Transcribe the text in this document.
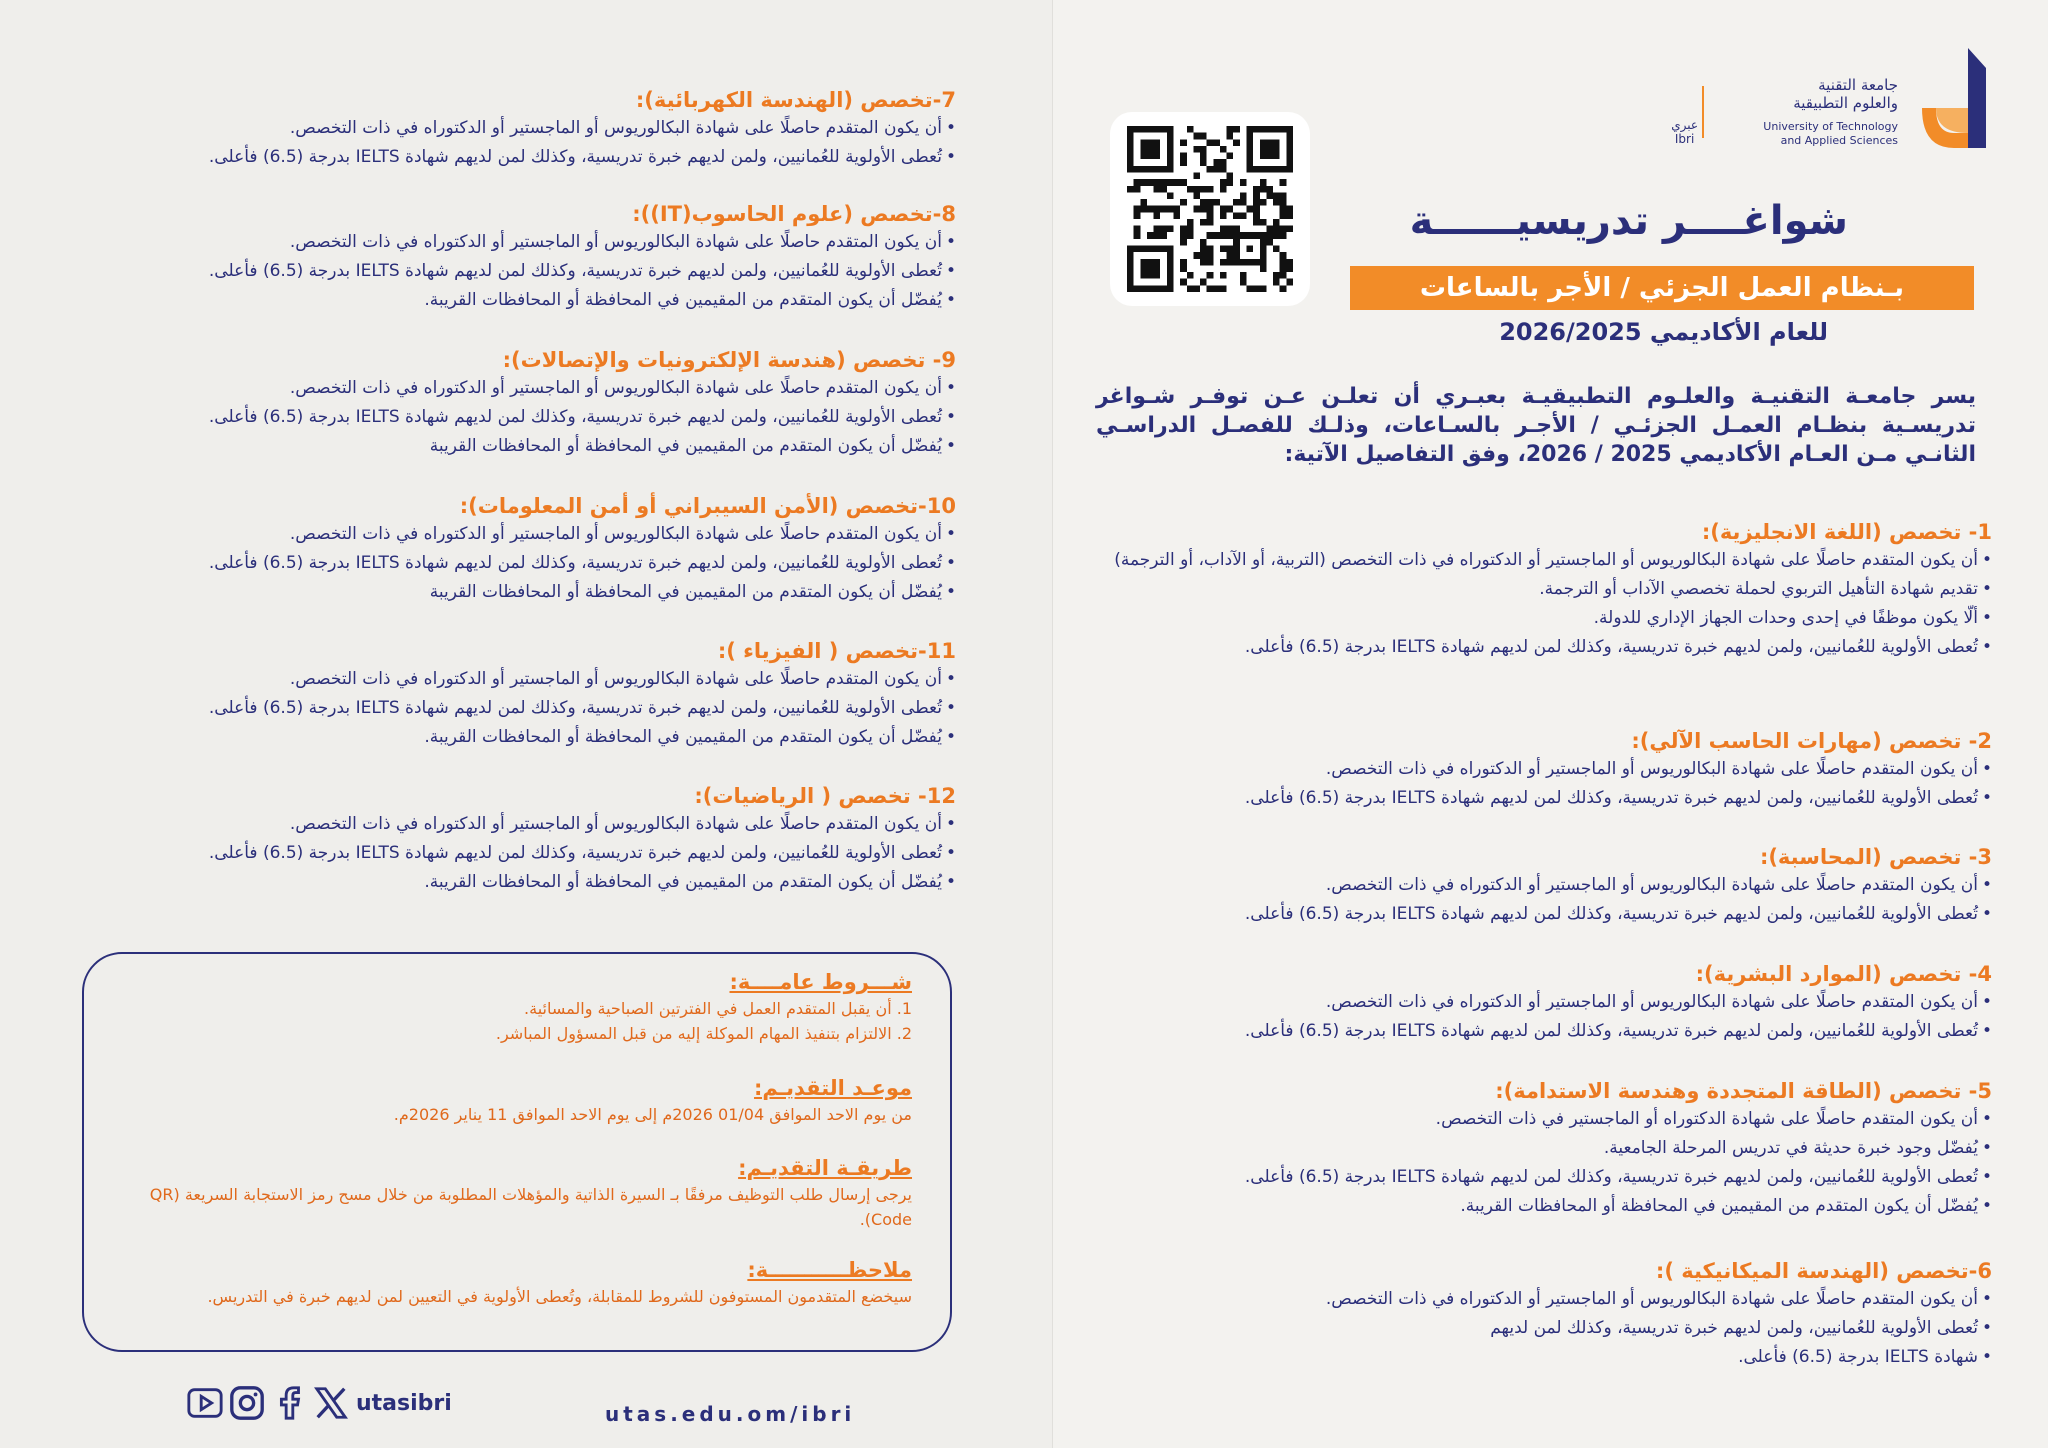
جامعة التقنية
والعلوم التطبيقية
University of Technology
and Applied Sciences
عبري
Ibri
شواغــــر تدريسيــــــة
بـنظام العمل الجزئي / الأجر بالساعات
للعام الأكاديمي 2026/2025
يسر جامعـة التقنيـة والعلـوم التطبيقيـة بعبـري أن تعلـن عـن توفـر شـواغر تدريسـية بنظـام العمـل الجزئـي / الأجـر بالسـاعات، وذلـك للفصـل الدراسـي الثانـي مـن العـام الأكاديمي 2025 / 2026، وفق التفاصيل الآتية:

1- تخصص (اللغة الانجليزية):

• أن يكون المتقدم حاصلًا على شهادة البكالوريوس أو الماجستير أو الدكتوراه في ذات التخصص (التربية، أو الآداب، أو الترجمة)
• تقديم شهادة التأهيل التربوي لحملة تخصصي الآداب أو الترجمة.
• ألّا يكون موظفًا في إحدى وحدات الجهاز الإداري للدولة.
• تُعطى الأولوية للعُمانيين، ولمن لديهم خبرة تدريسية، وكذلك لمن لديهم شهادة IELTS بدرجة (6.5) فأعلى.

2- تخصص (مهارات الحاسب الآلي):

• أن يكون المتقدم حاصلًا على شهادة البكالوريوس أو الماجستير أو الدكتوراه في ذات التخصص.
• تُعطى الأولوية للعُمانيين، ولمن لديهم خبرة تدريسية، وكذلك لمن لديهم شهادة IELTS بدرجة (6.5) فأعلى.

3- تخصص (المحاسبة):

• أن يكون المتقدم حاصلًا على شهادة البكالوريوس أو الماجستير أو الدكتوراه في ذات التخصص.
• تُعطى الأولوية للعُمانيين، ولمن لديهم خبرة تدريسية، وكذلك لمن لديهم شهادة IELTS بدرجة (6.5) فأعلى.

4- تخصص (الموارد البشرية):

• أن يكون المتقدم حاصلًا على شهادة البكالوريوس أو الماجستير أو الدكتوراه في ذات التخصص.
• تُعطى الأولوية للعُمانيين، ولمن لديهم خبرة تدريسية، وكذلك لمن لديهم شهادة IELTS بدرجة (6.5) فأعلى.

5- تخصص (الطاقة المتجددة وهندسة الاستدامة):

• أن يكون المتقدم حاصلًا على شهادة الدكتوراه أو الماجستير في ذات التخصص.
• يُفضّل وجود خبرة حديثة في تدريس المرحلة الجامعية.
• تُعطى الأولوية للعُمانيين، ولمن لديهم خبرة تدريسية، وكذلك لمن لديهم شهادة IELTS بدرجة (6.5) فأعلى.
• يُفضّل أن يكون المتقدم من المقيمين في المحافظة أو المحافظات القريبة.

6-تخصص (الهندسة الميكانيكية ):

• أن يكون المتقدم حاصلًا على شهادة البكالوريوس أو الماجستير أو الدكتوراه في ذات التخصص.
• تُعطى الأولوية للعُمانيين، ولمن لديهم خبرة تدريسية، وكذلك لمن لديهم
• شهادة IELTS بدرجة (6.5) فأعلى.

7-تخصص (الهندسة الكهربائية):

• أن يكون المتقدم حاصلًا على شهادة البكالوريوس أو الماجستير أو الدكتوراه في ذات التخصص.
• تُعطى الأولوية للعُمانيين، ولمن لديهم خبرة تدريسية، وكذلك لمن لديهم شهادة IELTS بدرجة (6.5) فأعلى.

8-تخصص (علوم الحاسوب(IT)):

• أن يكون المتقدم حاصلًا على شهادة البكالوريوس أو الماجستير أو الدكتوراه في ذات التخصص.
• تُعطى الأولوية للعُمانيين، ولمن لديهم خبرة تدريسية، وكذلك لمن لديهم شهادة IELTS بدرجة (6.5) فأعلى.
• يُفضّل أن يكون المتقدم من المقيمين في المحافظة أو المحافظات القريبة.

9- تخصص (هندسة الإلكترونيات والإتصالات):

• أن يكون المتقدم حاصلًا على شهادة البكالوريوس أو الماجستير أو الدكتوراه في ذات التخصص.
• تُعطى الأولوية للعُمانيين، ولمن لديهم خبرة تدريسية، وكذلك لمن لديهم شهادة IELTS بدرجة (6.5) فأعلى.
• يُفضّل أن يكون المتقدم من المقيمين في المحافظة أو المحافظات القريبة

10-تخصص (الأمن السيبراني أو أمن المعلومات):

• أن يكون المتقدم حاصلًا على شهادة البكالوريوس أو الماجستير أو الدكتوراه في ذات التخصص.
• تُعطى الأولوية للعُمانيين، ولمن لديهم خبرة تدريسية، وكذلك لمن لديهم شهادة IELTS بدرجة (6.5) فأعلى.
• يُفضّل أن يكون المتقدم من المقيمين في المحافظة أو المحافظات القريبة

11-تخصص ( الفيزياء ):

• أن يكون المتقدم حاصلًا على شهادة البكالوريوس أو الماجستير أو الدكتوراه في ذات التخصص.
• تُعطى الأولوية للعُمانيين، ولمن لديهم خبرة تدريسية، وكذلك لمن لديهم شهادة IELTS بدرجة (6.5) فأعلى.
• يُفضّل أن يكون المتقدم من المقيمين في المحافظة أو المحافظات القريبة.

12- تخصص ( الرياضيات):

• أن يكون المتقدم حاصلًا على شهادة البكالوريوس أو الماجستير أو الدكتوراه في ذات التخصص.
• تُعطى الأولوية للعُمانيين، ولمن لديهم خبرة تدريسية، وكذلك لمن لديهم شهادة IELTS بدرجة (6.5) فأعلى.
• يُفضّل أن يكون المتقدم من المقيمين في المحافظة أو المحافظات القريبة.

شـــروط عامــــة:

1. أن يقبل المتقدم العمل في الفترتين الصباحية والمسائية.

2. الالتزام بتنفيذ المهام الموكلة إليه من قبل المسؤول المباشر.

موعـد التقديـم:

من يوم الاحد الموافق 01/04 2026م إلى يوم الاحد الموافق 11 يناير 2026م.

طريقـة التقديـم:

يرجى إرسال طلب التوظيف مرفقًا بـ السيرة الذاتية والمؤهلات المطلوبة من خلال مسح رمز الاستجابة السريعة (QR Code).

ملاحظـــــــــــة:

سيخضع المتقدمون المستوفون للشروط للمقابلة، وتُعطى الأولوية في التعيين لمن لديهم خبرة في التدريس.

utas.edu.om/ibri
utasibri
